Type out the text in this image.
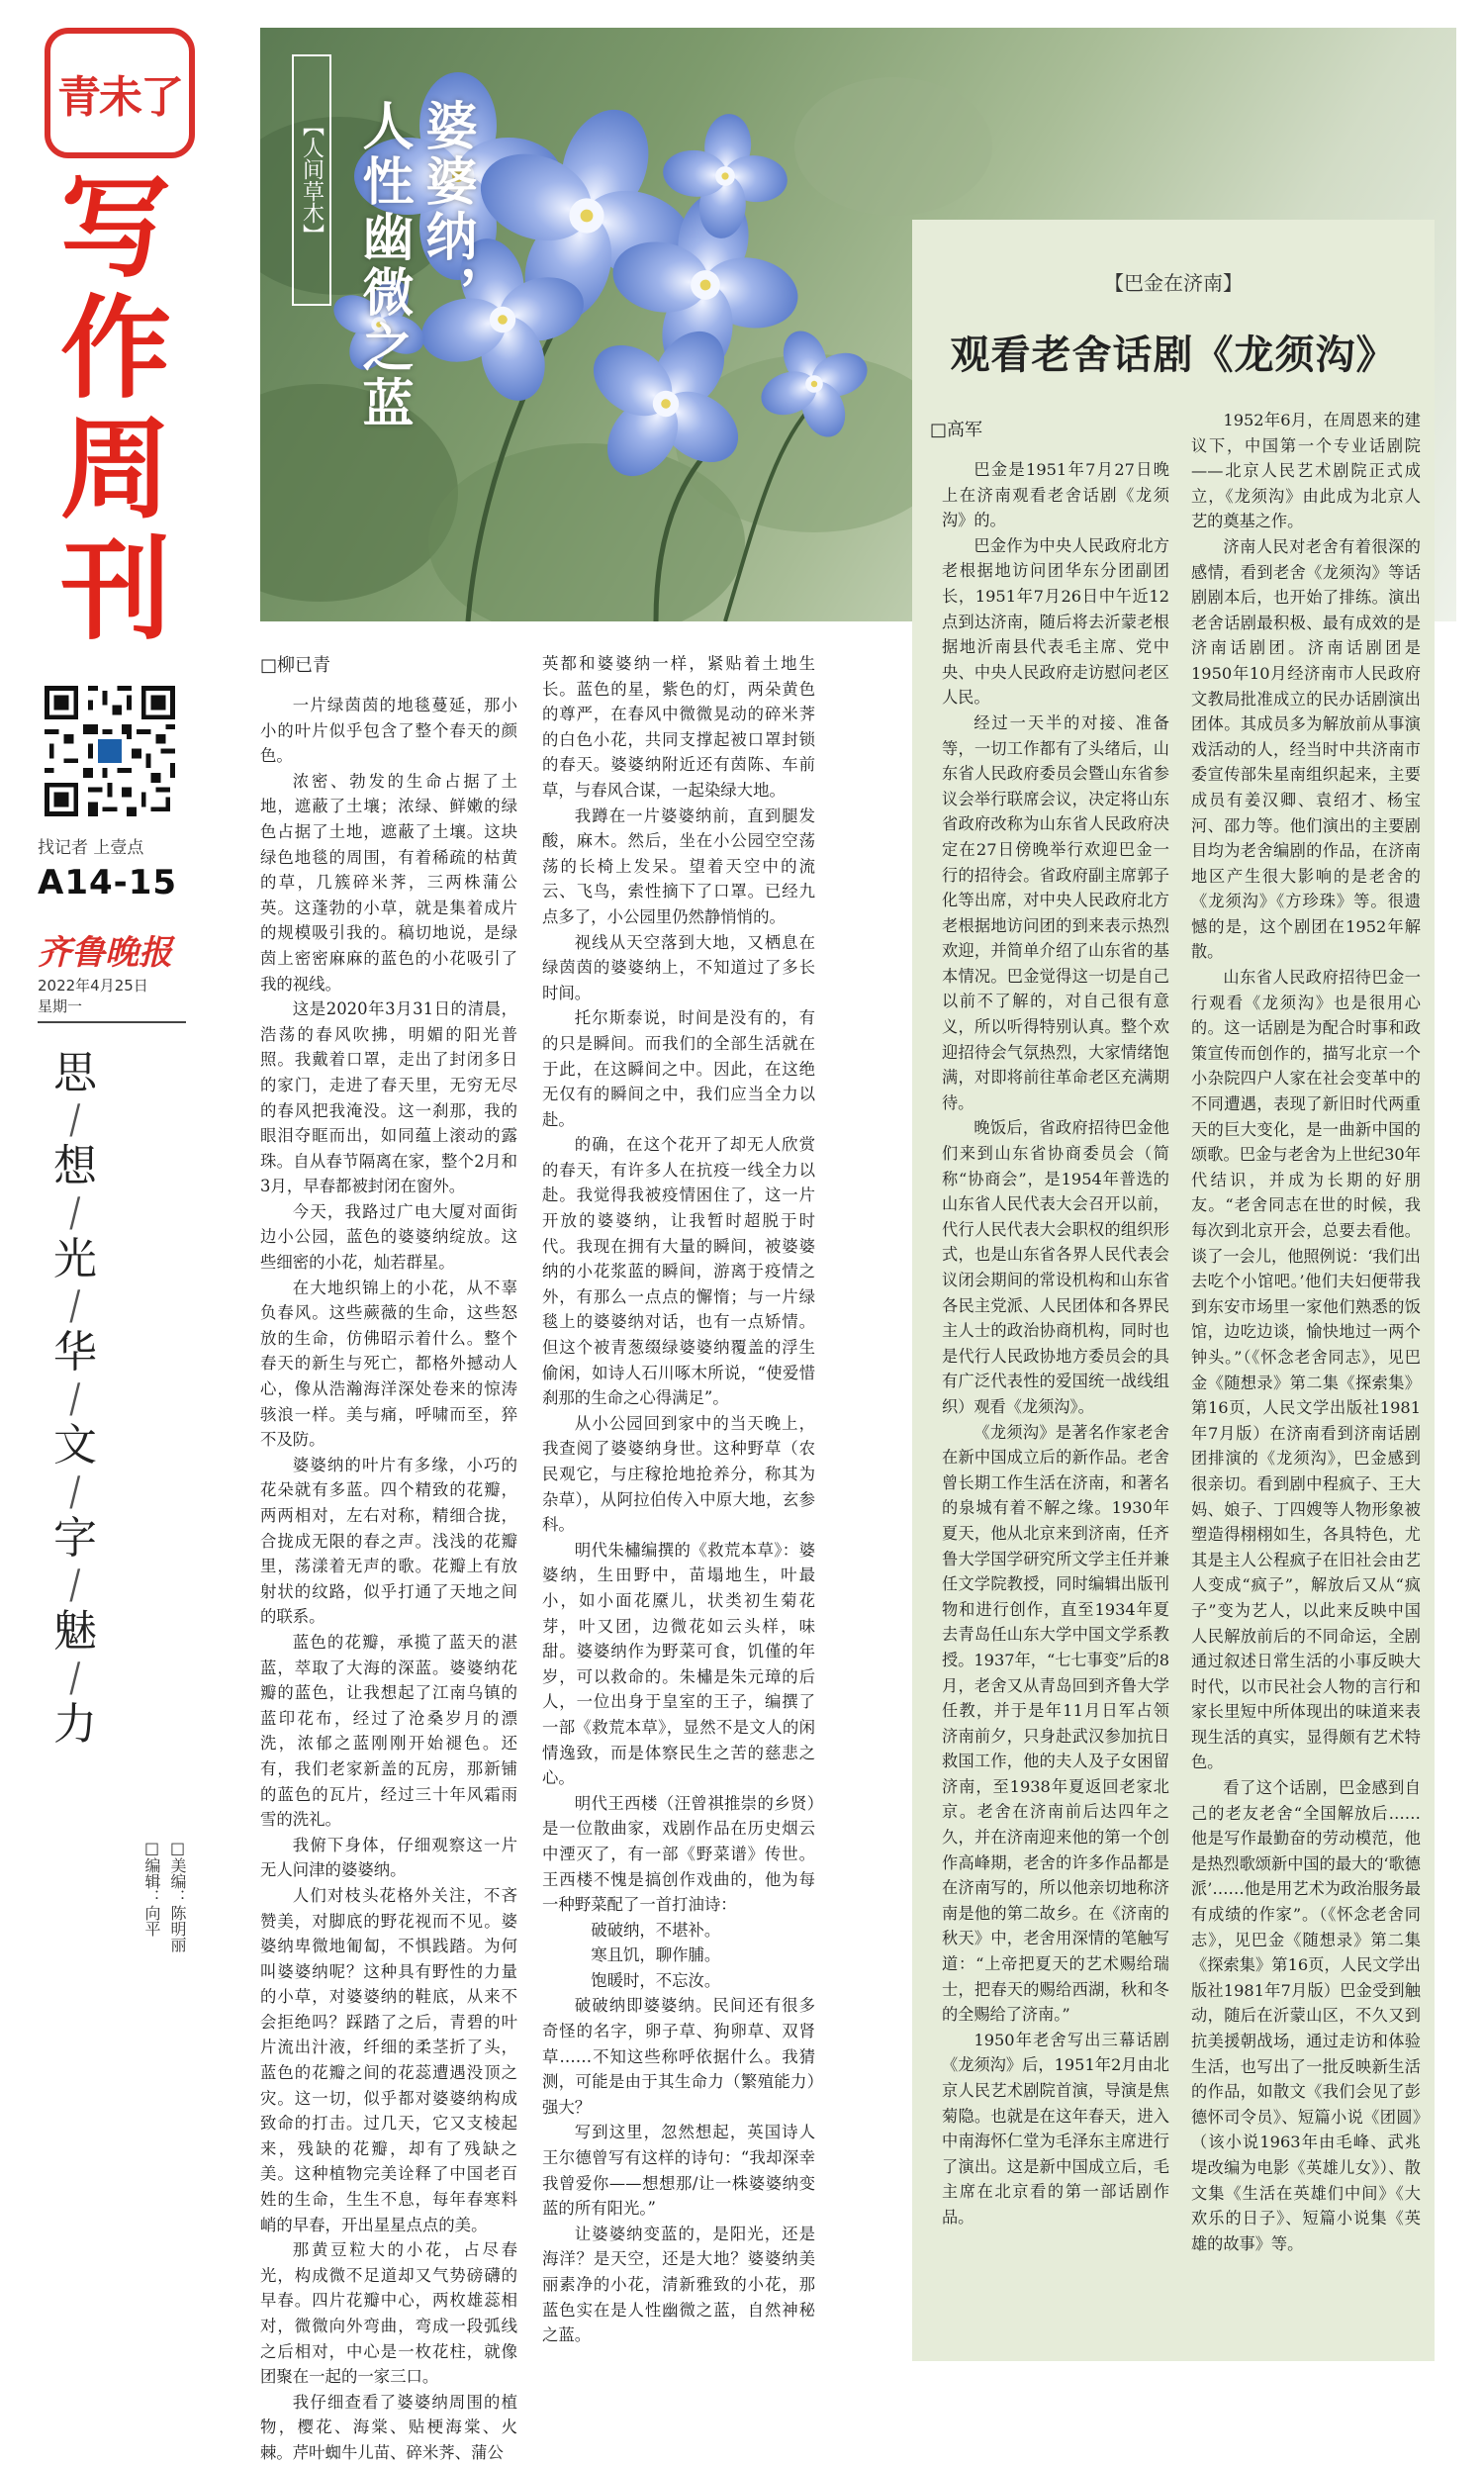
青未了
写
作
周
刊
找记者 上壹点
A14-15
齐鲁晚报
2022年4月25日
星期一
思
/
想
/
光
/
华
/
文
/
字
/
魅
/
力
□美编：陈明丽
□编辑：向平
【人间草木】 婆婆纳，
人性幽微之蓝	【巴金在济南】
观看老舍话剧《龙须沟》
□高军

巴金是1951年7月27日晚上在济南观看老舍话剧《龙须沟》的。

巴金作为中央人民政府北方老根据地访问团华东分团副团长，1951年7月26日中午近12点到达济南，随后将去沂蒙老根据地沂南县代表毛主席、党中央、中央人民政府走访慰问老区人民。

经过一天半的对接、准备等，一切工作都有了头绪后，山东省人民政府委员会暨山东省参议会举行联席会议，决定将山东省政府改称为山东省人民政府决定在27日傍晚举行欢迎巴金一行的招待会。省政府副主席郭子化等出席，对中央人民政府北方老根据地访问团的到来表示热烈欢迎，并简单介绍了山东省的基本情况。巴金觉得这一切是自己以前不了解的，对自己很有意义，所以听得特别认真。整个欢迎招待会气氛热烈，大家情绪饱满，对即将前往革命老区充满期待。

晚饭后，省政府招待巴金他们来到山东省协商委员会（简称“协商会”，是1954年普选的山东省人民代表大会召开以前，代行人民代表大会职权的组织形式，也是山东省各界人民代表会议闭会期间的常设机构和山东省各民主党派、人民团体和各界民主人士的政治协商机构，同时也是代行人民政协地方委员会的具有广泛代表性的爱国统一战线组织）观看《龙须沟》。

《龙须沟》是著名作家老舍在新中国成立后的新作品。老舍曾长期工作生活在济南，和著名的泉城有着不解之缘。1930年夏天，他从北京来到济南，任齐鲁大学国学研究所文学主任并兼任文学院教授，同时编辑出版刊物和进行创作，直至1934年夏去青岛任山东大学中国文学系教授。1937年，“七七事变”后的8月，老舍又从青岛回到齐鲁大学任教，并于是年11月日军占领济南前夕，只身赴武汉参加抗日救国工作，他的夫人及子女困留济南，至1938年夏返回老家北京。老舍在济南前后达四年之久，并在济南迎来他的第一个创作高峰期，老舍的许多作品都是在济南写的，所以他亲切地称济南是他的第二故乡。在《济南的秋天》中，老舍用深情的笔触写道：“上帝把夏天的艺术赐给瑞士，把春天的赐给西湖，秋和冬的全赐给了济南。”

1950年老舍写出三幕话剧《龙须沟》后，1951年2月由北京人民艺术剧院首演，导演是焦菊隐。也就是在这年春天，进入中南海怀仁堂为毛泽东主席进行了演出。这是新中国成立后，毛主席在北京看的第一部话剧作品。

1952年6月，在周恩来的建议下，中国第一个专业话剧院——北京人民艺术剧院正式成立，《龙须沟》由此成为北京人艺的奠基之作。

济南人民对老舍有着很深的感情，看到老舍《龙须沟》等话剧剧本后，也开始了排练。演出老舍话剧最积极、最有成效的是济南话剧团。济南话剧团是1950年10月经济南市人民政府文教局批准成立的民办话剧演出团体。其成员多为解放前从事演戏活动的人，经当时中共济南市委宣传部朱星南组织起来，主要成员有姜汉卿、袁绍才、杨宝河、邵力等。他们演出的主要剧目均为老舍编剧的作品，在济南地区产生很大影响的是老舍的《龙须沟》《方珍珠》等。很遗憾的是，这个剧团在1952年解散。

山东省人民政府招待巴金一行观看《龙须沟》也是很用心的。这一话剧是为配合时事和政策宣传而创作的，描写北京一个小杂院四户人家在社会变革中的不同遭遇，表现了新旧时代两重天的巨大变化，是一曲新中国的颂歌。巴金与老舍为上世纪30年代结识，并成为长期的好朋友。“老舍同志在世的时候，我每次到北京开会，总要去看他。谈了一会儿，他照例说：‘我们出去吃个小馆吧。’他们夫妇便带我到东安市场里一家他们熟悉的饭馆，边吃边谈，愉快地过一两个钟头。”（《怀念老舍同志》，见巴金《随想录》第二集《探索集》第16页，人民文学出版社1981年7月版）在济南看到济南话剧团排演的《龙须沟》，巴金感到很亲切。看到剧中程疯子、王大妈、娘子、丁四嫂等人物形象被塑造得栩栩如生，各具特色，尤其是主人公程疯子在旧社会由艺人变成“疯子”，解放后又从“疯子”变为艺人，以此来反映中国人民解放前后的不同命运，全剧通过叙述日常生活的小事反映大时代，以市民社会人物的言行和家长里短中所体现出的味道来表现生活的真实，显得颇有艺术特色。

看了这个话剧，巴金感到自己的老友老舍“全国解放后……他是写作最勤奋的劳动模范，他是热烈歌颂新中国的最大的‘歌德派’……他是用艺术为政治服务最有成绩的作家”。（《怀念老舍同志》，见巴金《随想录》第二集《探索集》第16页，人民文学出版社1981年7月版）巴金受到触动，随后在沂蒙山区，不久又到抗美援朝战场，通过走访和体验生活，也写出了一批反映新生活的作品，如散文《我们会见了彭德怀司令员》、短篇小说《团圆》（该小说1963年由毛峰、武兆堤改编为电影《英雄儿女》）、散文集《生活在英雄们中间》《大欢乐的日子》、短篇小说集《英雄的故事》等。

□柳已青

一片绿茵茵的地毯蔓延，那小小的叶片似乎包含了整个春天的颜色。

浓密、勃发的生命占据了土地，遮蔽了土壤；浓绿、鲜嫩的绿色占据了土地，遮蔽了土壤。这块绿色地毯的周围，有着稀疏的枯黄的草，几簇碎米荠，三两株蒲公英。这蓬勃的小草，就是集着成片的规模吸引我的。稿切地说，是绿茵上密密麻麻的蓝色的小花吸引了我的视线。

这是2020年3月31日的清晨，浩荡的春风吹拂，明媚的阳光普照。我戴着口罩，走出了封闭多日的家门，走进了春天里，无穷无尽的春风把我淹没。这一刹那，我的眼泪夺眶而出，如同蕴上滚动的露珠。自从春节隔离在家，整个2月和3月，早春都被封闭在窗外。

今天，我路过广电大厦对面街边小公园，蓝色的婆婆纳绽放。这些细密的小花，灿若群星。

在大地织锦上的小花，从不辜负春风。这些蕨薇的生命，这些怒放的生命，仿佛昭示着什么。整个春天的新生与死亡，都格外撼动人心，像从浩瀚海洋深处卷来的惊涛骇浪一样。美与痛，呼啸而至，猝不及防。

婆婆纳的叶片有多缘，小巧的花朵就有多蓝。四个精致的花瓣，两两相对，左右对称，精细合拢，合拢成无限的春之声。浅浅的花瓣里，荡漾着无声的歌。花瓣上有放射状的纹路，似乎打通了天地之间的联系。

蓝色的花瓣，承揽了蓝天的湛蓝，萃取了大海的深蓝。婆婆纳花瓣的蓝色，让我想起了江南乌镇的蓝印花布，经过了沧桑岁月的漂洗，浓郁之蓝刚刚开始褪色。还有，我们老家新盖的瓦房，那新铺的蓝色的瓦片，经过三十年风霜雨雪的洗礼。

我俯下身体，仔细观察这一片无人问津的婆婆纳。

人们对枝头花格外关注，不吝赞美，对脚底的野花视而不见。婆婆纳卑微地匍匐，不惧践踏。为何叫婆婆纳呢？这种具有野性的力量的小草，对婆婆纳的鞋底，从来不会拒绝吗？踩踏了之后，青碧的叶片流出汁液，纤细的柔茎折了头，蓝色的花瓣之间的花蕊遭遇没顶之灾。这一切，似乎都对婆婆纳构成致命的打击。过几天，它又支棱起来，残缺的花瓣，却有了残缺之美。这种植物完美诠释了中国老百姓的生命，生生不息，每年春寒料峭的早春，开出星星点点的美。

那黄豆粒大的小花，占尽春光，构成微不足道却又气势磅礴的早春。四片花瓣中心，两枚雄蕊相对，微微向外弯曲，弯成一段弧线之后相对，中心是一枚花柱，就像团聚在一起的一家三口。

我仔细查看了婆婆纳周围的植物，樱花、海棠、贴梗海棠、火棘。芹叶蜘牛儿苗、碎米荠、蒲公

英都和婆婆纳一样，紧贴着土地生长。蓝色的星，紫色的灯，两朵黄色的尊严，在春风中微微晃动的碎米荠的白色小花，共同支撑起被口罩封锁的春天。婆婆纳附近还有茵陈、车前草，与春风合谋，一起染绿大地。

我蹲在一片婆婆纳前，直到腿发酸，麻木。然后，坐在小公园空空荡荡的长椅上发呆。望着天空中的流云、飞鸟，索性摘下了口罩。已经九点多了，小公园里仍然静悄悄的。

视线从天空落到大地，又栖息在绿茵茵的婆婆纳上，不知道过了多长时间。

托尔斯泰说，时间是没有的，有的只是瞬间。而我们的全部生活就在于此，在这瞬间之中。因此，在这绝无仅有的瞬间之中，我们应当全力以赴。

的确，在这个花开了却无人欣赏的春天，有许多人在抗疫一线全力以赴。我觉得我被疫情困住了，这一片开放的婆婆纳，让我暂时超脱于时代。我现在拥有大量的瞬间，被婆婆纳的小花浆蓝的瞬间，游离于疫情之外，有那么一点点的懈惰；与一片绿毯上的婆婆纳对话，也有一点矫情。但这个被青葱缀绿婆婆纳覆盖的浮生偷闲，如诗人石川啄木所说，“使爱惜刹那的生命之心得满足”。

从小公园回到家中的当天晚上，我查阅了婆婆纳身世。这种野草（农民观它，与庄稼抢地抢养分，称其为杂草），从阿拉伯传入中原大地，玄参科。

明代朱橚编撰的《救荒本草》：婆婆纳，生田野中，苗塌地生，叶最小，如小面花黡儿，状类初生菊花芽，叶又团，边微花如云头样，味甜。婆婆纳作为野菜可食，饥僅的年岁，可以救命的。朱橚是朱元璋的后人，一位出身于皇室的王子，编撰了一部《救荒本草》，显然不是文人的闲情逸致，而是体察民生之苦的慈悲之心。

明代王西楼（汪曾祺推崇的乡贤）是一位散曲家，戏剧作品在历史烟云中湮灭了，有一部《野菜谱》传世。王西楼不愧是搞创作戏曲的，他为每一种野菜配了一首打油诗：

破破纳，不堪补。

寒且饥，聊作脯。

饱暖时，不忘汝。

破破纳即婆婆纳。民间还有很多奇怪的名字，卵子草、狗卵草、双肾草……不知这些称呼依据什么。我猜测，可能是由于其生命力（繁殖能力）强大？

写到这里，忽然想起，英国诗人王尔德曾写有这样的诗句：“我却深幸我曾爱你——想想那/让一株婆婆纳变蓝的所有阳光。”

让婆婆纳变蓝的，是阳光，还是海洋？是天空，还是大地？婆婆纳美丽素净的小花，清新雅致的小花，那蓝色实在是人性幽微之蓝，自然神秘之蓝。
